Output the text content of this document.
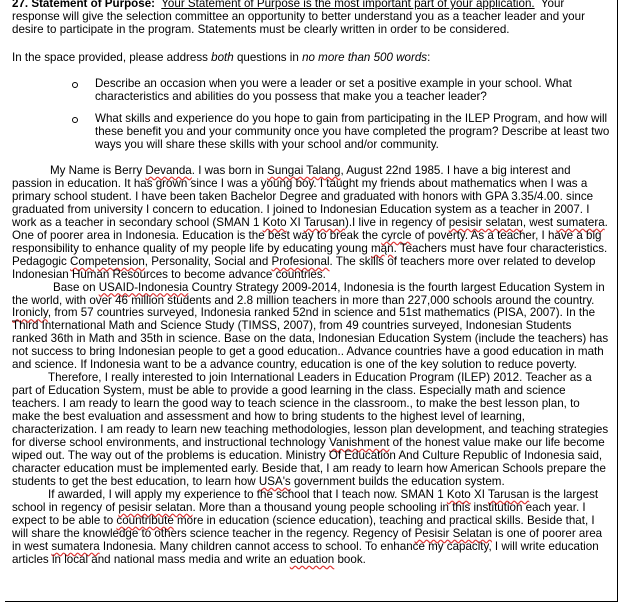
27. Statement of Purpose: Your Statement of Purpose is the most important part of your application. Your response will give the selection committee an opportunity to better understand you as a teacher leader and your desire to participate in the program. Statements must be clearly written in order to be considered.
In the space provided, please address both questions in no more than 500 words:
Describe an occasion when you were a leader or set a positive example in your school. What characteristics and abilities do you possess that make you a teacher leader?
What skills and experience do you hope to gain from participating in the ILEP Program, and how will these benefit you and your community once you have completed the program? Describe at least two ways you will share these skills with your school and/or community.

My Name is Berry Devanda. I was born in Sungai Talang, August 22nd 1985. I have a big interest and passion in education. It has grown since I was a young boy. I taught my friends about mathematics when I was a primary school student. I have been taken Bachelor Degree and graduated with honors with GPA 3.35/4.00. since graduated from university I concern to education. I joined to Indonesian Education system as a teacher in 2007. I work as a teacher in secondary school (SMAN 1 Koto XI Tarusan).I live in regency of pesisir selatan, west sumatera. One of poorer area in Indonesia. Education is the best way to break the cyrcle of poverty. As a teacher, I have a big responsibility to enhance quality of my people life by educating young mąn. Teachers must have four characteristics. Pedagogic Competension, Personality, Social and Profesional. The skills of teachers more over related to develop Indonesian Human Resources to become advance countries.

Base on USAID-Indonesia Country Strategy 2009-2014, Indonesia is the fourth largest Education System in the world, with over 46 million students and 2.8 million teachers in more than 227,000 schools around the country. Ironicly, from 57 countries surveyed, Indonesia ranked 52nd in science and 51st mathematics (PISA, 2007). In the Third International Math and Science Study (TIMSS, 2007), from 49 countries surveyed, Indonesian Students ranked 36th in Math and 35th in science. Base on the data, Indonesian Education System (include the teachers) has not success to bring Indonesian people to get a good education.. Advance countries have a good education in math and science. If Indonesia want to be a advance country, education is one of the key solution to reduce poverty.

Therefore, I really interested to join International Leaders in Education Program (ILEP) 2012. Teacher as a part of Education System, must be able to provide a good learning in the class. Especially math and science teachers. I am ready to learn the good way to teach science in the classroom., to make the best lesson plan, to make the best evaluation and assessment and how to bring students to the highest level of learning, characterization. I am ready to learn new teaching methodologies, lesson plan development, and teaching strategies for diverse school environments, and instructional technology Vanishment of the honest value make our life become wiped out. The way out of the problems is education. Ministry Of Education And Culture Republic of Indonesia said, character education must be implemented early. Beside that, I am ready to learn how American Schools prepare the students to get the best education, to learn how USA's government builds the education system.

If awarded, I will apply my experience to the school that I teach now. SMAN 1 Koto XI Tarusan is the largest school in regency of pesisir selatan. More than a thousand young people schooling in this institution each year. I expect to be able to countribute more in education (science education), teaching and practical skills. Beside that, I will share the knowledge to others science teacher in the regency. Regency of Pesisir Selatan is one of poorer area in west sumatera Indonesia. Many children cannot access to school. To enhance my capacity, I will write education articles in local and national mass media and write an eduation book.
